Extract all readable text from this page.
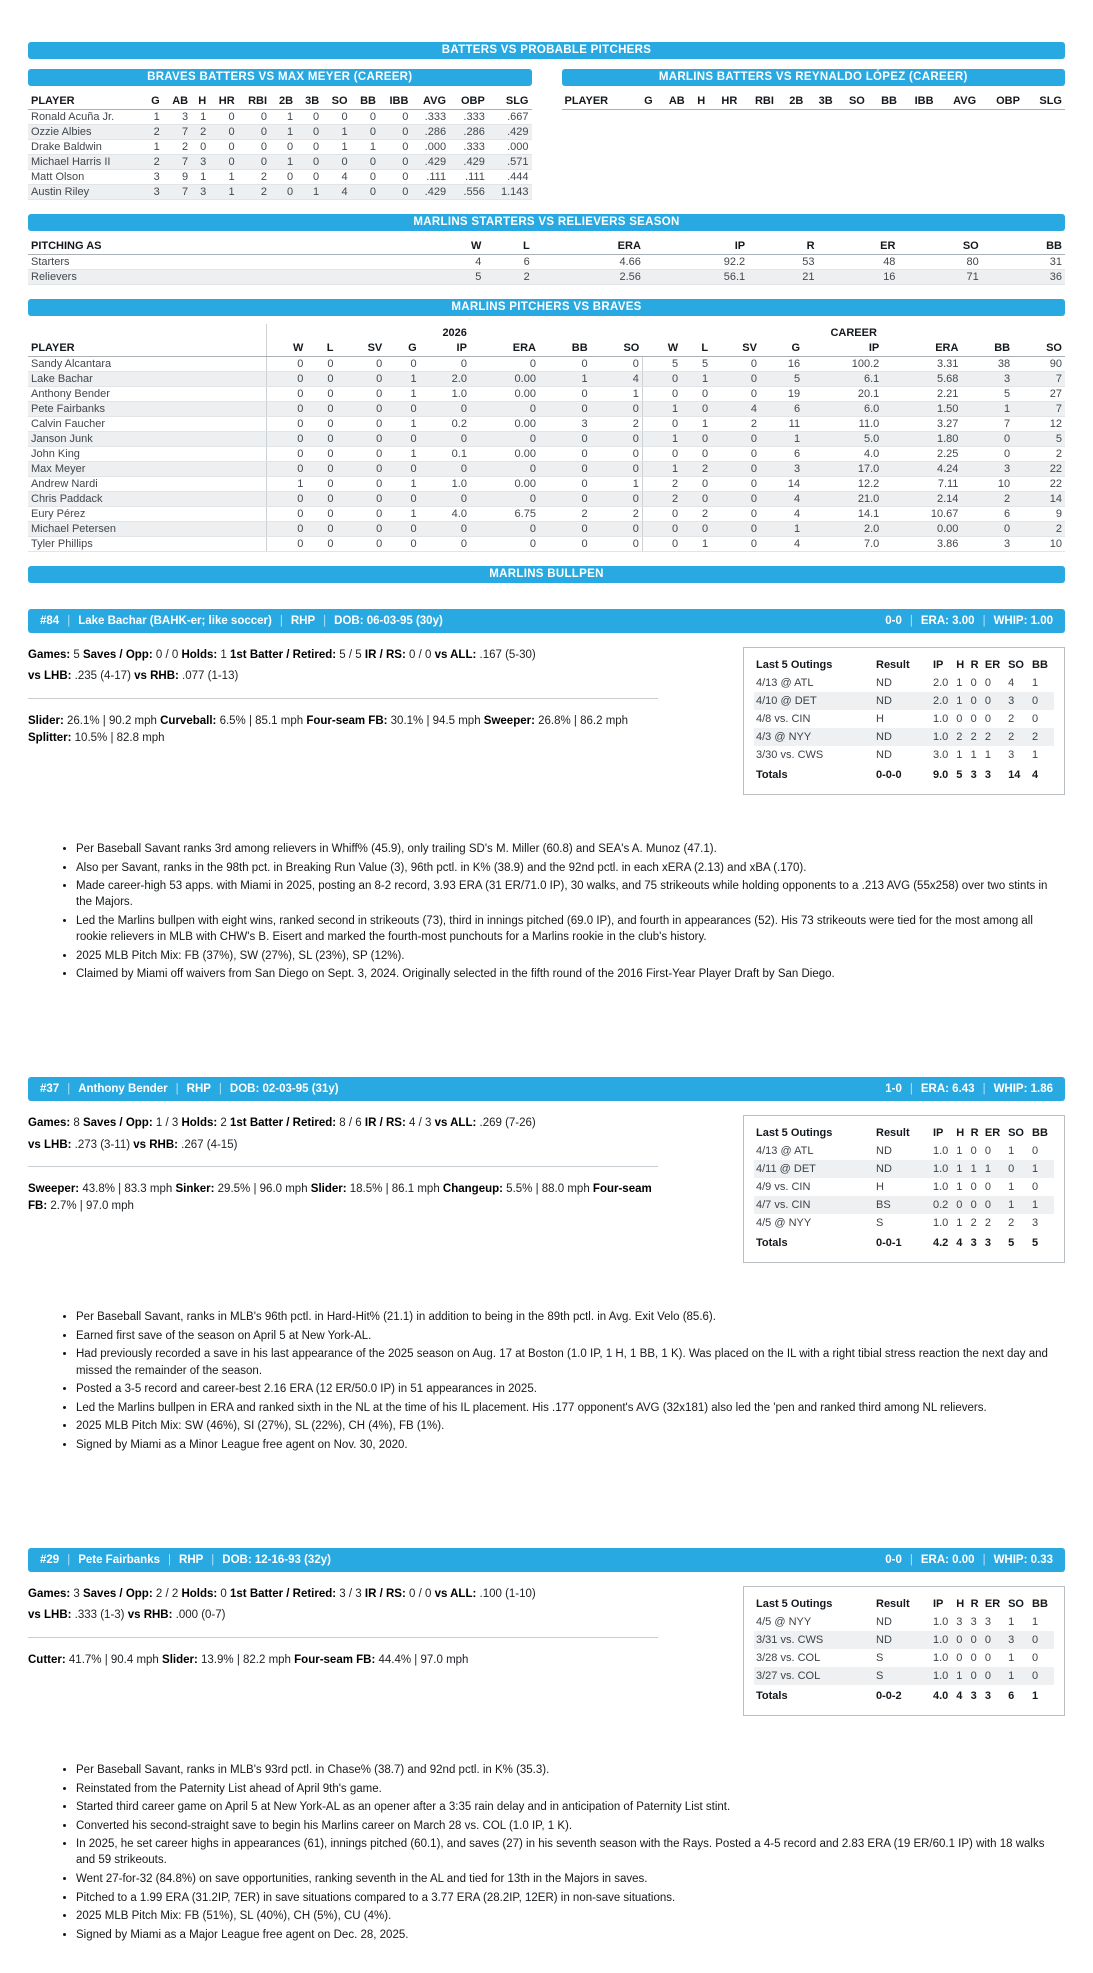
BATTERS VS PROBABLE PITCHERS
BRAVES BATTERS VS MAX MEYER (CAREER)
PLAYER	G	AB	H	HR	RBI	2B	3B	SO	BB	IBB	AVG	OBP	SLG
Ronald Acuña Jr.	1	3	1	0	0	1	0	0	0	0	.333	.333	.667
Ozzie Albies	2	7	2	0	0	1	0	1	0	0	.286	.286	.429
Drake Baldwin	1	2	0	0	0	0	0	1	1	0	.000	.333	.000
Michael Harris II	2	7	3	0	0	1	0	0	0	0	.429	.429	.571
Matt Olson	3	9	1	1	2	0	0	4	0	0	.111	.111	.444
Austin Riley	3	7	3	1	2	0	1	4	0	0	.429	.556	1.143
MARLINS BATTERS VS REYNALDO LÓPEZ (CAREER)
PLAYER	G	AB	H	HR	RBI	2B	3B	SO	BB	IBB	AVG	OBP	SLG
MARLINS STARTERS VS RELIEVERS SEASON
PITCHING AS	W	L	ERA	IP	R	ER	SO	BB
Starters	4	6	4.66	92.2	53	48	80	31
Relievers	5	2	2.56	56.1	21	16	71	36
MARLINS PITCHERS VS BRAVES
	2026								CAREER							
PLAYER	W	L	SV	G	IP	ERA	BB	SO	W	L	SV	G	IP	ERA	BB	SO
Sandy Alcantara	0	0	0	0	0	0	0	0	5	5	0	16	100.2	3.31	38	90
Lake Bachar	0	0	0	1	2.0	0.00	1	4	0	1	0	5	6.1	5.68	3	7
Anthony Bender	0	0	0	1	1.0	0.00	0	1	0	0	0	19	20.1	2.21	5	27
Pete Fairbanks	0	0	0	0	0	0	0	0	1	0	4	6	6.0	1.50	1	7
Calvin Faucher	0	0	0	1	0.2	0.00	3	2	0	1	2	11	11.0	3.27	7	12
Janson Junk	0	0	0	0	0	0	0	0	1	0	0	1	5.0	1.80	0	5
John King	0	0	0	1	0.1	0.00	0	0	0	0	0	6	4.0	2.25	0	2
Max Meyer	0	0	0	0	0	0	0	0	1	2	0	3	17.0	4.24	3	22
Andrew Nardi	1	0	0	1	1.0	0.00	0	1	2	0	0	14	12.2	7.11	10	22
Chris Paddack	0	0	0	0	0	0	0	0	2	0	0	4	21.0	2.14	2	14
Eury Pérez	0	0	0	1	4.0	6.75	2	2	0	2	0	4	14.1	10.67	6	9
Michael Petersen	0	0	0	0	0	0	0	0	0	0	0	1	2.0	0.00	0	2
Tyler Phillips	0	0	0	0	0	0	0	0	0	1	0	4	7.0	3.86	3	10
MARLINS BULLPEN
#84 | Lake Bachar (BAHK-er; like soccer) | RHP | DOB: 06-03-95 (30y)	0-0 | ERA: 3.00 | WHIP: 1.00

Games: 5 Saves / Opp: 0 / 0 Holds: 1 1st Batter / Retired: 5 / 5 IR / RS: 0 / 0 vs ALL: .167 (5-30)

vs LHB: .235 (4-17) vs RHB: .077 (1-13)

Slider: 26.1% | 90.2 mph Curveball: 6.5% | 85.1 mph Four-seam FB: 30.1% | 94.5 mph Sweeper: 26.8% | 86.2 mph Splitter: 10.5% | 82.8 mph

Last 5 Outings	Result	IP	H	R	ER	SO	BB
4/13 @ ATL	ND	2.0	1	0	0	4	1
4/10 @ DET	ND	2.0	1	0	0	3	0
4/8 vs. CIN	H	1.0	0	0	0	2	0
4/3 @ NYY	ND	1.0	2	2	2	2	2
3/30 vs. CWS	ND	3.0	1	1	1	3	1
Totals	0-0-0	9.0	5	3	3	14	4
• Per Baseball Savant ranks 3rd among relievers in Whiff% (45.9), only trailing SD's M. Miller (60.8) and SEA's A. Munoz (47.1).
• Also per Savant, ranks in the 98th pct. in Breaking Run Value (3), 96th pctl. in K% (38.9) and the 92nd pctl. in each xERA (2.13) and xBA (.170).
• Made career-high 53 apps. with Miami in 2025, posting an 8-2 record, 3.93 ERA (31 ER/71.0 IP), 30 walks, and 75 strikeouts while holding opponents to a .213 AVG (55x258) over two stints in the Majors.
• Led the Marlins bullpen with eight wins, ranked second in strikeouts (73), third in innings pitched (69.0 IP), and fourth in appearances (52). His 73 strikeouts were tied for the most among all rookie relievers in MLB with CHW's B. Eisert and marked the fourth-most punchouts for a Marlins rookie in the club's history.
• 2025 MLB Pitch Mix: FB (37%), SW (27%), SL (23%), SP (12%).
• Claimed by Miami off waivers from San Diego on Sept. 3, 2024. Originally selected in the fifth round of the 2016 First-Year Player Draft by San Diego.
#37 | Anthony Bender | RHP | DOB: 02-03-95 (31y)	1-0 | ERA: 6.43 | WHIP: 1.86

Games: 8 Saves / Opp: 1 / 3 Holds: 2 1st Batter / Retired: 8 / 6 IR / RS: 4 / 3 vs ALL: .269 (7-26)

vs LHB: .273 (3-11) vs RHB: .267 (4-15)

Sweeper: 43.8% | 83.3 mph Sinker: 29.5% | 96.0 mph Slider: 18.5% | 86.1 mph Changeup: 5.5% | 88.0 mph Four-seam FB: 2.7% | 97.0 mph

Last 5 Outings	Result	IP	H	R	ER	SO	BB
4/13 @ ATL	ND	1.0	1	0	0	1	0
4/11 @ DET	ND	1.0	1	1	1	0	1
4/9 vs. CIN	H	1.0	1	0	0	1	0
4/7 vs. CIN	BS	0.2	0	0	0	1	1
4/5 @ NYY	S	1.0	1	2	2	2	3
Totals	0-0-1	4.2	4	3	3	5	5
• Per Baseball Savant, ranks in MLB's 96th pctl. in Hard-Hit% (21.1) in addition to being in the 89th pctl. in Avg. Exit Velo (85.6).
• Earned first save of the season on April 5 at New York-AL.
• Had previously recorded a save in his last appearance of the 2025 season on Aug. 17 at Boston (1.0 IP, 1 H, 1 BB, 1 K). Was placed on the IL with a right tibial stress reaction the next day and missed the remainder of the season.
• Posted a 3-5 record and career-best 2.16 ERA (12 ER/50.0 IP) in 51 appearances in 2025.
• Led the Marlins bullpen in ERA and ranked sixth in the NL at the time of his IL placement. His .177 opponent's AVG (32x181) also led the 'pen and ranked third among NL relievers.
• 2025 MLB Pitch Mix: SW (46%), SI (27%), SL (22%), CH (4%), FB (1%).
• Signed by Miami as a Minor League free agent on Nov. 30, 2020.
#29 | Pete Fairbanks | RHP | DOB: 12-16-93 (32y)	0-0 | ERA: 0.00 | WHIP: 0.33

Games: 3 Saves / Opp: 2 / 2 Holds: 0 1st Batter / Retired: 3 / 3 IR / RS: 0 / 0 vs ALL: .100 (1-10)

vs LHB: .333 (1-3) vs RHB: .000 (0-7)

Cutter: 41.7% | 90.4 mph Slider: 13.9% | 82.2 mph Four-seam FB: 44.4% | 97.0 mph

Last 5 Outings	Result	IP	H	R	ER	SO	BB
4/5 @ NYY	ND	1.0	3	3	3	1	1
3/31 vs. CWS	ND	1.0	0	0	0	3	0
3/28 vs. COL	S	1.0	0	0	0	1	0
3/27 vs. COL	S	1.0	1	0	0	1	0
Totals	0-0-2	4.0	4	3	3	6	1
• Per Baseball Savant, ranks in MLB's 93rd pctl. in Chase% (38.7) and 92nd pctl. in K% (35.3).
• Reinstated from the Paternity List ahead of April 9th's game.
• Started third career game on April 5 at New York-AL as an opener after a 3:35 rain delay and in anticipation of Paternity List stint.
• Converted his second-straight save to begin his Marlins career on March 28 vs. COL (1.0 IP, 1 K).
• In 2025, he set career highs in appearances (61), innings pitched (60.1), and saves (27) in his seventh season with the Rays. Posted a 4-5 record and 2.83 ERA (19 ER/60.1 IP) with 18 walks and 59 strikeouts.
• Went 27-for-32 (84.8%) on save opportunities, ranking seventh in the AL and tied for 13th in the Majors in saves.
• Pitched to a 1.99 ERA (31.2IP, 7ER) in save situations compared to a 3.77 ERA (28.2IP, 12ER) in non-save situations.
• 2025 MLB Pitch Mix: FB (51%), SL (40%), CH (5%), CU (4%).
• Signed by Miami as a Major League free agent on Dec. 28, 2025.
